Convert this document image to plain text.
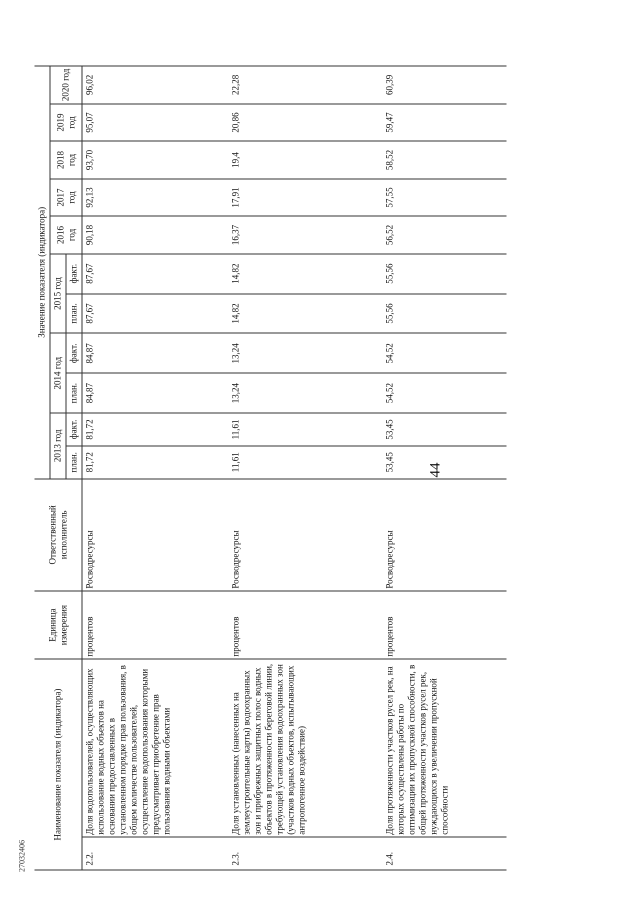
44
27032406
Наименование показателя (индикатора)		Единица измерения	Ответственный исполнитель	Значение показателя (индикатора)										
				2013 год		2014 год		2015 год		2016 год	2017 год	2018 год	2019 год	2020 год
				план.	факт.	план.	факт.	план.	факт.					
2.2.	Доля водопользователей, осуществляющих использование водных объектов на основании предоставленных в установленном порядке прав пользования, в общем количестве пользователей, осуществление водопользования которыми предусматривает приобретение прав пользования водными объектами	процентов	Росводресурсы	81,72	81,72	84,87	84,87	87,67	87,67	90,18	92,13	93,70	95,07	96,02
2.3.	Доля установленных (нанесенных на землеустроительные карты) водоохранных зон и прибрежных защитных полос водных объектов в протяженности береговой линии, требующей установления водоохранных зон (участков водных объектов, испытывающих антропогенное воздействие)	процентов	Росводресурсы	11,61	11,61	13,24	13,24	14,82	14,82	16,37	17,91	19,4	20,86	22,28
2.4.	Доля протяженности участков русел рек, на которых осуществлены работы по оптимизации их пропускной способности, в общей протяженности участков русел рек, нуждающихся в увеличении пропускной способности	процентов	Росводресурсы	53,45	53,45	54,52	54,52	55,56	55,56	56,52	57,55	58,52	59,47	60,39
